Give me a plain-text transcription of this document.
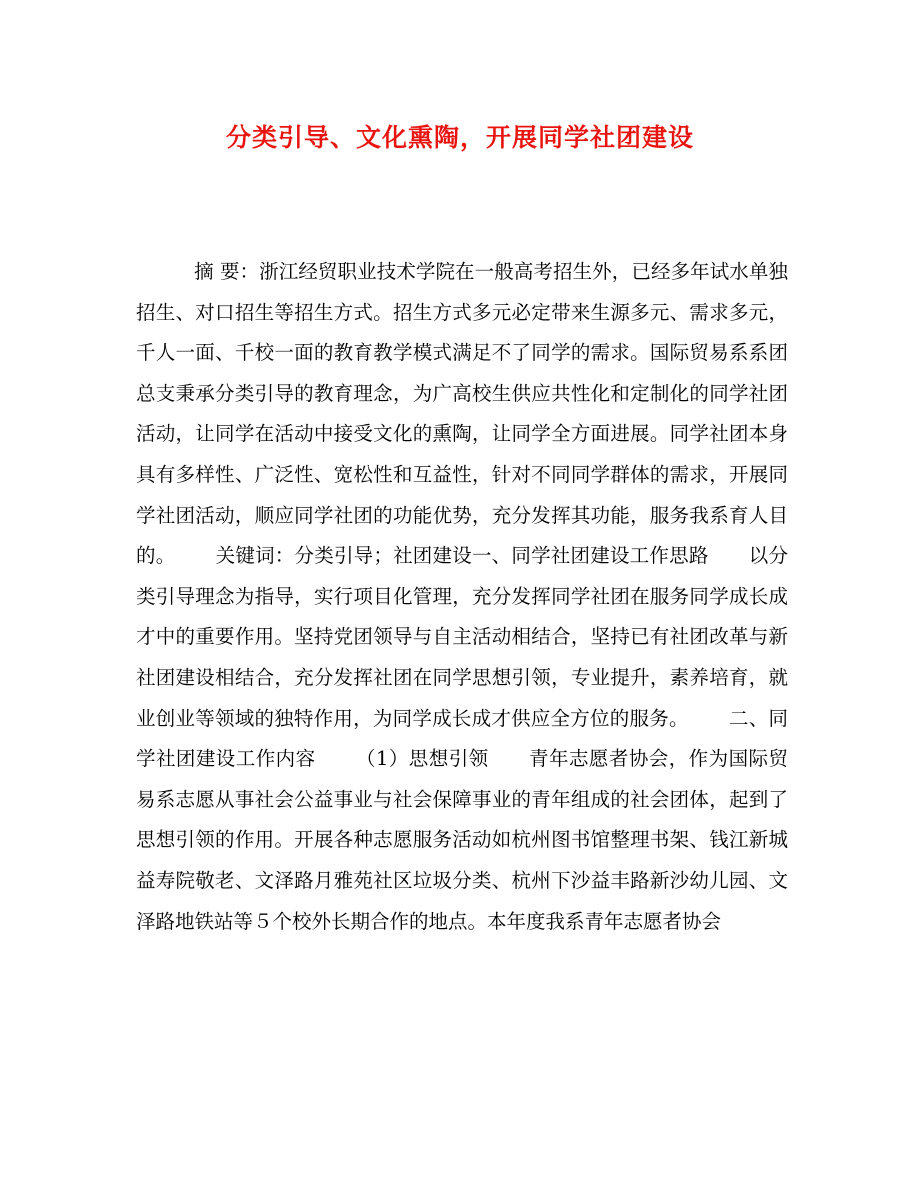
分类引导、文化熏陶，开展同学社团建设

摘 要：浙江经贸职业技术学院在一般高考招生外，已经多年试水单独招生、对口招生等招生方式。招生方式多元必定带来生源多元、需求多元，千人一面、千校一面的教育教学模式满足不了同学的需求。国际贸易系系团总支秉承分类引导的教育理念，为广高校生供应共性化和定制化的同学社团活动，让同学在活动中接受文化的熏陶，让同学全方面进展。同学社团本身具有多样性、广泛性、宽松性和互益性，针对不同同学群体的需求，开展同学社团活动，顺应同学社团的功能优势，充分发挥其功能，服务我系育人目的。 关键词：分类引导；社团建设一、同学社团建设工作思路 以分类引导理念为指导，实行项目化管理，充分发挥同学社团在服务同学成长成才中的重要作用。坚持党团领导与自主活动相结合，坚持已有社团改革与新社团建设相结合，充分发挥社团在同学思想引领，专业提升，素养培育，就业创业等领域的独特作用，为同学成长成才供应全方位的服务。 二、同学社团建设工作内容 （1）思想引领 青年志愿者协会，作为国际贸易系志愿从事社会公益事业与社会保障事业的青年组成的社会团体，起到了思想引领的作用。开展各种志愿服务活动如杭州图书馆整理书架、钱江新城益寿院敬老、文泽路月雅苑社区垃圾分类、杭州下沙益丰路新沙幼儿园、文泽路地铁站等５个校外长期合作的地点。本年度我系青年志愿者协会
